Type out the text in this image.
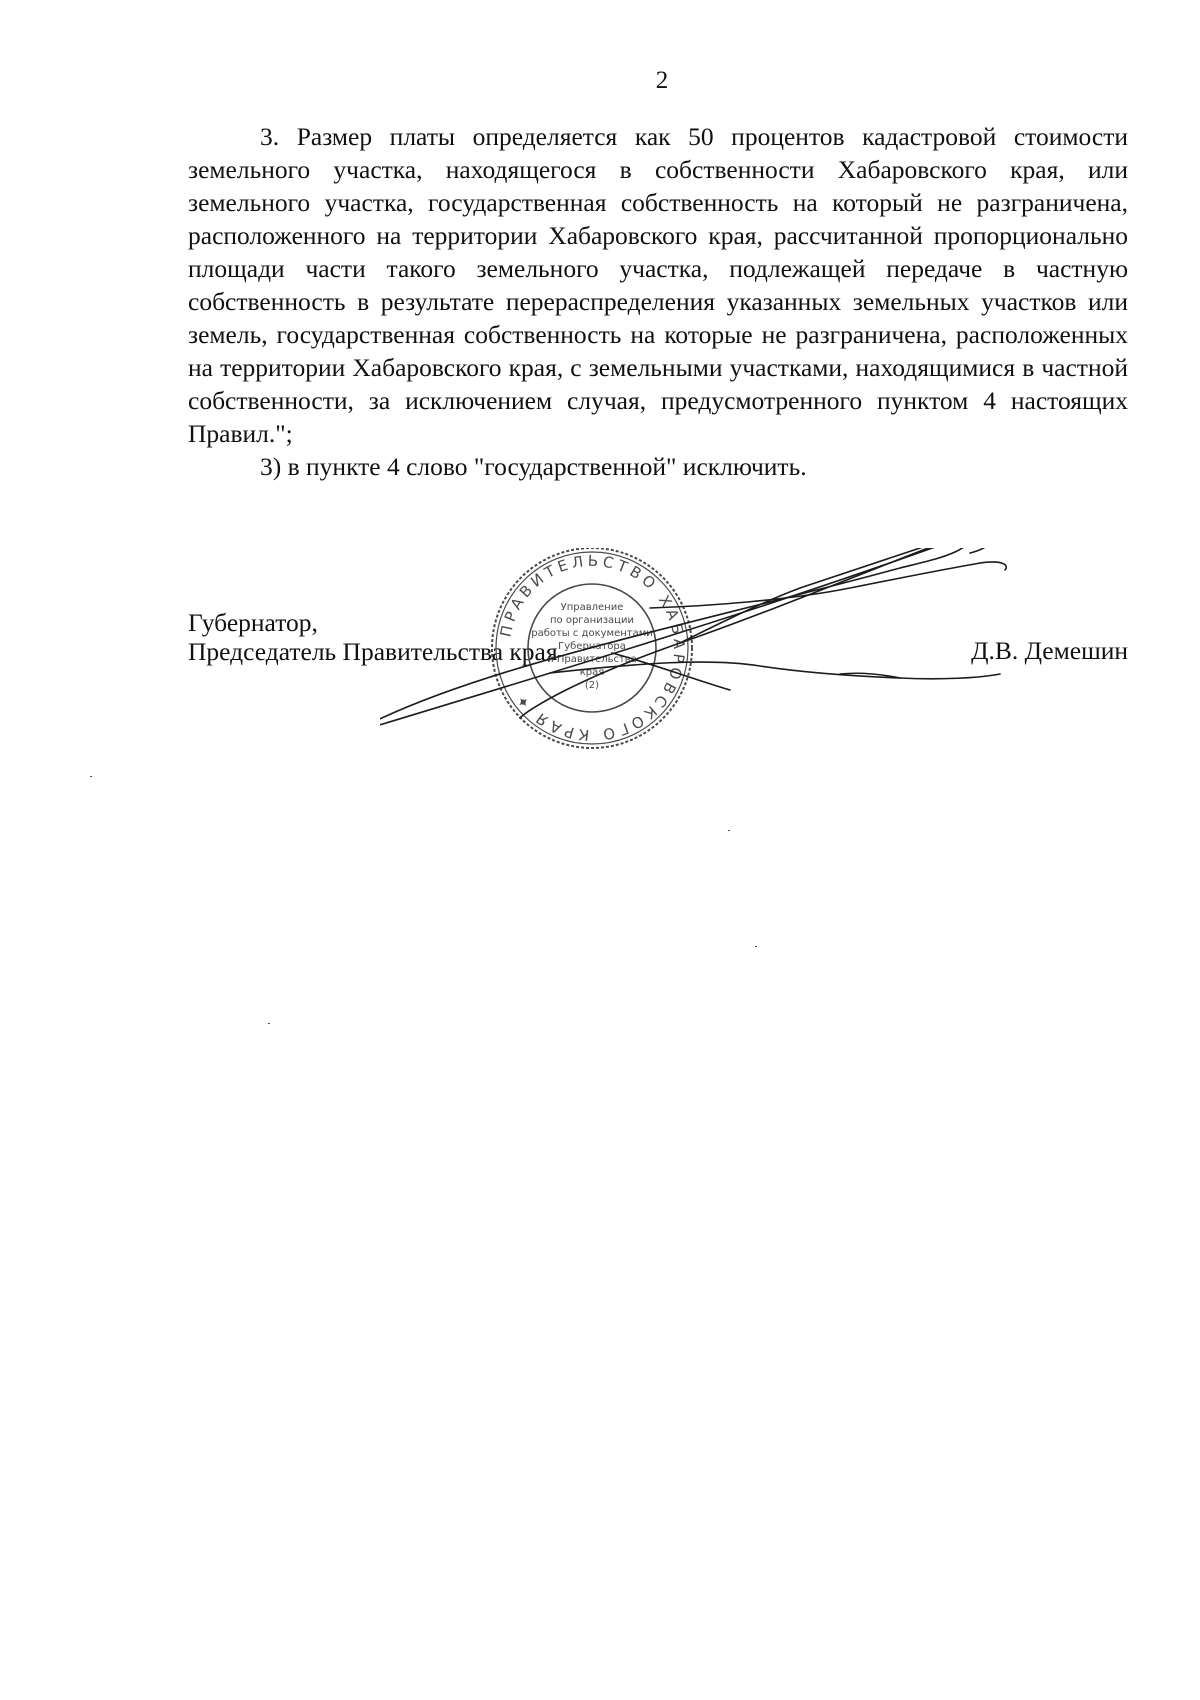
2

3. Размер платы определяется как 50 процентов кадастровой стоимости земельного участка, находящегося в собственности Хабаровского края, или земельного участка, государственная собственность на который не разграничена, расположенного на территории Хабаровского края, рассчитанной пропорционально площади части такого земельного участка, подлежащей передаче в частную собственность в результате перераспределения указанных земельных участков или земель, государственная собственность на которые не разграничена, расположенных на территории Хабаровского края, с земельными участками, находящимися в частной собственности, за исключением случая, предусмотренного пунктом 4 настоящих Правил.";

3) в пункте 4 слово "государственной" исключить.

Губернатор,
Председатель Правительства края	Д.В. Демешин
ПРАВИТЕЛЬСТВО ХАБАРОВСКОГО КРАЯ ✦
Управление
по организации
работы с документами
Губернатора
и Правительства
края
(2)
